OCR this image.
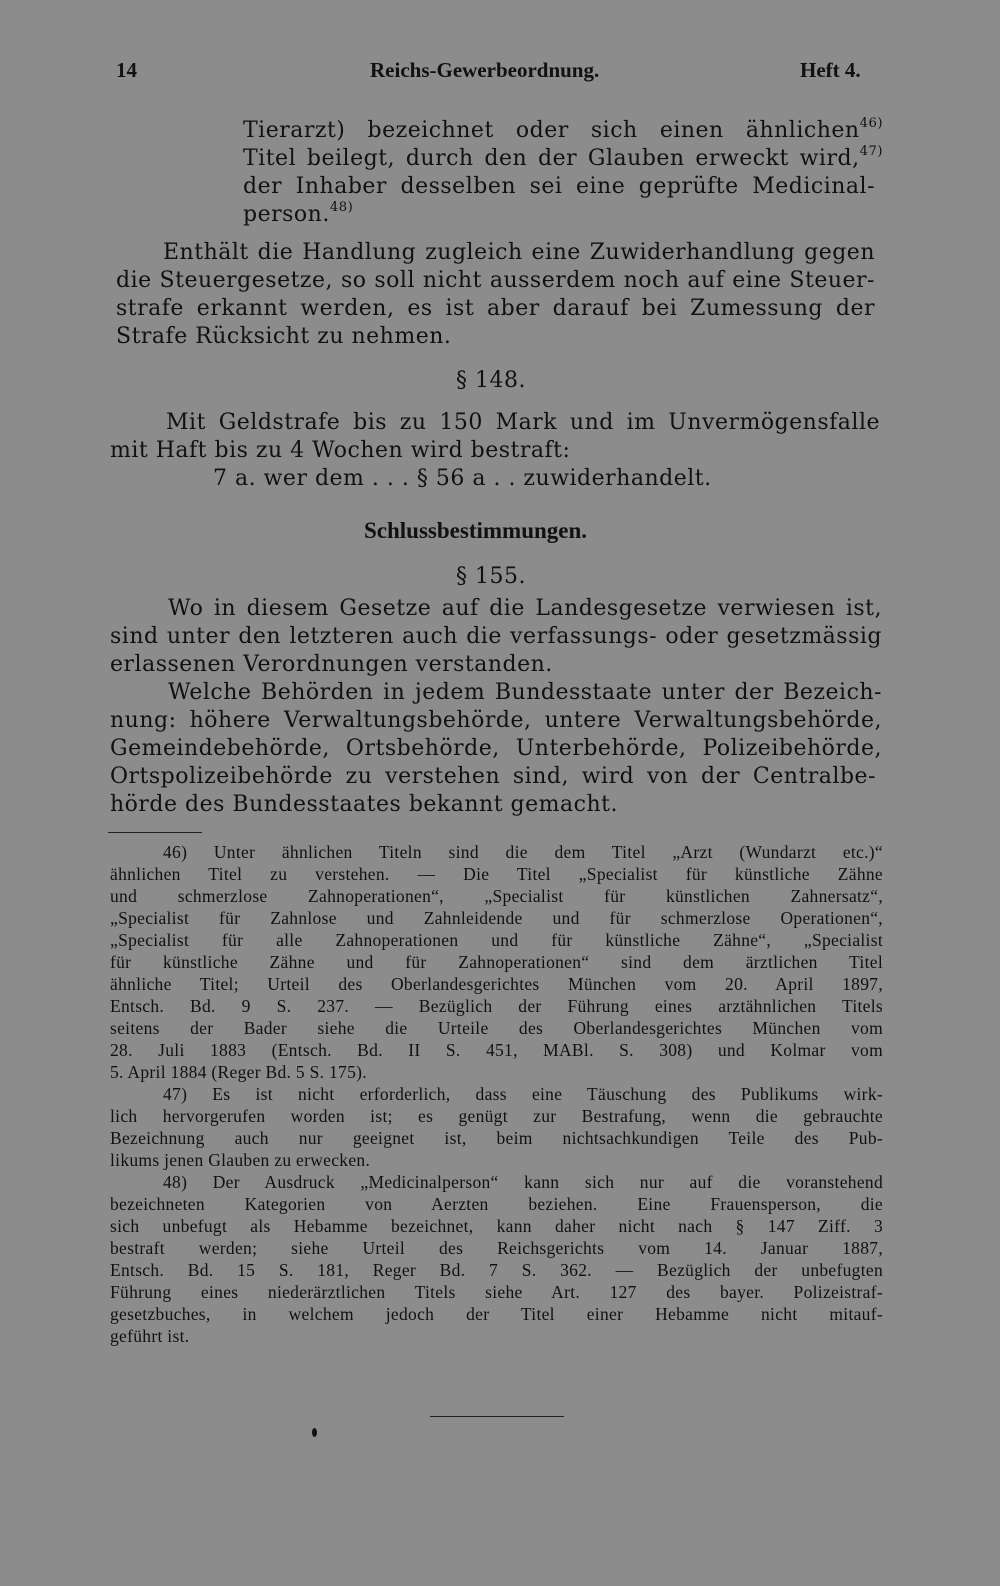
14	Reichs-Gewerbeordnung.	Heft 4.
Tierarzt) bezeichnet oder sich einen ähnlichen$^{46)}$
Titel beilegt, durch den der Glauben erweckt wird,$^{47)}$
der Inhaber desselben sei eine geprüfte Medicinal-
person.$^{48)}$
Enthält die Handlung zugleich eine Zuwiderhandlung gegen
die Steuergesetze, so soll nicht ausserdem noch auf eine Steuer-
strafe erkannt werden, es ist aber darauf bei Zumessung der
Strafe Rücksicht zu nehmen.
§ 148.
Mit Geldstrafe bis zu 150 Mark und im Unvermögensfalle
mit Haft bis zu 4 Wochen wird bestraft:
7 a. wer dem . . . § 56 a . . zuwiderhandelt.
Schlussbestimmungen.
§ 155.
Wo in diesem Gesetze auf die Landesgesetze verwiesen ist,
sind unter den letzteren auch die verfassungs- oder gesetzmässig
erlassenen Verordnungen verstanden.
Welche Behörden in jedem Bundesstaate unter der Bezeich-
nung: höhere Verwaltungsbehörde, untere Verwaltungsbehörde,
Gemeindebehörde, Ortsbehörde, Unterbehörde, Polizeibehörde,
Ortspolizeibehörde zu verstehen sind, wird von der Centralbe-
hörde des Bundesstaates bekannt gemacht.
46) Unter ähnlichen Titeln sind die dem Titel „Arzt (Wundarzt etc.)“
ähnlichen Titel zu verstehen. — Die Titel „Specialist für künstliche Zähne
und schmerzlose Zahnoperationen“, „Specialist für künstlichen Zahnersatz“,
„Specialist für Zahnlose und Zahnleidende und für schmerzlose Operationen“,
„Specialist für alle Zahnoperationen und für künstliche Zähne“, „Specialist
für künstliche Zähne und für Zahnoperationen“ sind dem ärztlichen Titel
ähnliche Titel; Urteil des Oberlandesgerichtes München vom 20. April 1897,
Entsch. Bd. 9 S. 237. — Bezüglich der Führung eines arztähnlichen Titels
seitens der Bader siehe die Urteile des Oberlandesgerichtes München vom
28. Juli 1883 (Entsch. Bd. II S. 451, MABl. S. 308) und Kolmar vom
5. April 1884 (Reger Bd. 5 S. 175).
47) Es ist nicht erforderlich, dass eine Täuschung des Publikums wirk-
lich hervorgerufen worden ist; es genügt zur Bestrafung, wenn die gebrauchte
Bezeichnung auch nur geeignet ist, beim nichtsachkundigen Teile des Pub-
likums jenen Glauben zu erwecken.
48) Der Ausdruck „Medicinalperson“ kann sich nur auf die voranstehend
bezeichneten Kategorien von Aerzten beziehen. Eine Frauensperson, die
sich unbefugt als Hebamme bezeichnet, kann daher nicht nach § 147 Ziff. 3
bestraft werden; siehe Urteil des Reichsgerichts vom 14. Januar 1887,
Entsch. Bd. 15 S. 181, Reger Bd. 7 S. 362. — Bezüglich der unbefugten
Führung eines niederärztlichen Titels siehe Art. 127 des bayer. Polizeistraf-
gesetzbuches, in welchem jedoch der Titel einer Hebamme nicht mitauf-
geführt ist.
